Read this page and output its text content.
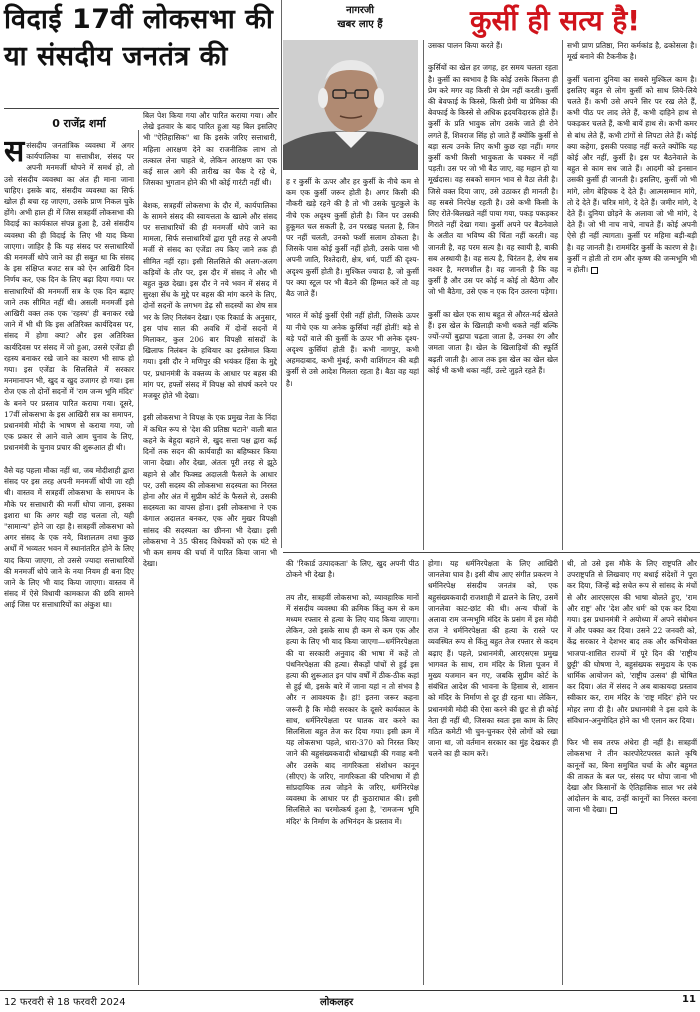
विदाई 17वीं लोकसभा की
या संसदीय जनतंत्र की
नागरजी
खबर लाए हैं	कुर्सी ही सत्य है!
0 राजेंद्र शर्मा
ससंसदीय जनतांत्रिक व्यवस्था में अगर कार्यपालिका या सत्ताधीश, संसद पर अपनी मनमर्जी थोपने में समर्थ हो, तो उसे संसदीय व्यवस्था का अंत ही माना जाना चाहिए। इसके बाद, संसदीय व्यवस्था का सिर्फ खोल ही बचा रह जाएगा, उसके प्राण निकल चुके होंगे। अभी हाल ही में जिस सत्रहवीं लोकसभा की विदाई का कार्यकाल संपन्न हुआ है, उसे संसदीय व्यवस्था की ही विदाई के लिए भी याद किया जाएगा। जाहिर है कि यह संसद पर सत्ताधारियों की मनमर्जी थोपे जाने का ही सबूत था कि संसद के इस संक्षिप्त बजट सत्र को ऐन आखिरी दिन निर्णय कर, एक दिन के लिए बढ़ा दिया गया। पर सत्ताधारियों की मनमर्जी सत्र के एक दिन बढ़ाए जाने तक सीमित नहीं थी। असली मनमर्जी इसे आखिरी वक्त तक एक 'रहस्य' ही बनाकर रखे जाने में भी थी कि इस अतिरिक्त कार्यदिवस पर, संसद में होगा क्या? और इस अतिरिक्त कार्यदिवस पर संसद में जो हुआ, उससे एजेंडा ही रहस्य बनाकर रखे जाने का कारण भी साफ हो गया। इस एजेंडा के सिलसिले में सरकार मनमानापन भी, खुद व खुद उजागर हो गया। इस रोज एक तो दोनों सदनों में 'राम जन्म भूमि मंदिर' के बनने पर प्रस्ताव पारित कराया गया। दूसरे, 17वीं लोकसभा के इस आखिरी सत्र का समापन, प्रधानमंत्री मोदी के भाषण से कराया गया, जो एक प्रकार से आने वाले आम चुनाव के लिए, प्रधानमंत्री के चुनाव प्रचार की शुरूआत ही थी।

वैसे यह पहला मौका नहीं था, जब मोदीशाही द्वारा संसद पर इस तरह अपनी मनमर्जी थोपी जा रही थी। वास्तव में सत्रहवीं लोकसभा के समापन के मौके पर सत्ताधारी की मर्जी थोपा जाना, इसका इशारा था कि अगर यही राह चलता तो, यही "सामान्य" होने जा रहा है। सत्रहवीं लोकसभा को अगर संसद के एक नये, विशालतम तथा कुछ अर्थों में भव्यतर भवन में स्थानांतरित होने के लिए याद किया जाएगा, तो उससे ज्यादा सत्ताधारियों की मनमर्जी थोपे जाने के नया नियम ही बना दिए जाने के लिए भी याद किया जाएगा। वास्तव में संसद में ऐसे विधायी कामकाज की छवि सामने आई जिस पर सत्ताधारियों का अंकुश था।
बिल पेश किया गया और पारित कराया गया। और लेखे इतवार के बाद पारित हुआ यह बिल इसलिए भी "ऐतिहासिक" था कि इसके जरिए सत्ताधारी, महिला आरक्षण देने का राजनीतिक लाभ तो तत्काल लेना चाहते थे, लेकिन आरक्षण का एक कई साल आगे की तारीख का चैक दे रहे थे, जिसका भुगतान होने की भी कोई गारंटी नहीं थी।

बेशक, सत्रहवीं लोकसभा के दौर में, कार्यपालिका के सामने संसद की स्वायत्तता के खात्मे और संसद पर सत्ताधारियों की ही मनमर्जी थोपे जाने का मामला, सिर्फ सत्ताधारियों द्वारा पूरी तरह से अपनी मर्जी से संसद का एजेंडा तय किए जाने तक ही सीमित नहीं रहा। इसी सिलसिले की अलग-अलग कड़ियों के तौर पर, इस दौर में संसद ने और भी बहुत कुछ देखा। इस दौर ने नये भवन में संसद में सुरक्षा सेंध के मुद्दे पर बहस की मांग करने के लिए, दोनों सदनों के लगभग डेढ़ सौ सदस्यों का शेष सत्र भर के लिए निलंबन देखा। एक रिकार्ड के अनुसार, इस पांच साल की अवधि में दोनों सदनों में मिलाकर, कुल 206 बार विपक्षी सांसदों के खिलाफ निलंबन के हथियार का इस्तेमाल किया गया। इसी दौर ने मणिपुर की भयंकर हिंसा के मुद्दे पर, प्रधानमंत्री के वक्तव्य के आधार पर बहस की मांग पर, हफ्तों संसद में विपक्ष को संघर्ष करने पर मजबूर होते भी देखा।

इसी लोकसभा ने विपक्ष के एक प्रमुख नेता के निंदा में कथित रूप से 'देश की प्रतिष्ठा घटाने' वाली बात कहने के बेहूदा बहाने से, खुद सत्ता पक्ष द्वारा कई दिनों तक सदन की कार्यवाही का बहिष्कार किया जाना देखा। और देखा, अंततः पूरी तरह से झूठे बहाने से और फिक्स्ड अदालती फैसले के आधार पर, उसी सदस्य की लोकसभा सदस्यता का निरस्त होना और अंत में सुप्रीम कोर्ट के फैसले से, उसकी सदस्यता का वापस होना। इसी लोकसभा ने एक कंगाल अदालत बनकर, एक और मुखर विपक्षी सांसद की सदस्यता का छीनना भी देखा। इसी लोकसभा ने 35 फीसद विधेयकों को एक घंटे से भी कम समय की चर्चा में पारित किया जाना भी देखा।
ह र कुर्सी के ऊपर और हर कुर्सी के नीचे कम से कम एक कुर्सी जरूर होती है। अगर किसी की नौकरी खड़े रहने की है तो भी उसके चुटकुले के नीचे एक अदृश्य कुर्सी होती है। जिन पर उसकी हुकूमत चल सकती है, उन परखह चलता है, जिन पर नहीं चलती, उनको फर्शी सलाम ठोकता है। जिसके पास कोई कुर्सी नहीं होती, उसके पास भी अपनी जाति, रिश्तेदारी, क्षेत्र, धर्म, पार्टी की दृश्य-अदृश्य कुर्सी होती है। मुश्किल ज्यादा है, जो कुर्सी पर क्या स्टूल पर भी बैठने की हिम्मत करें तो वह बैठ जाते हैं।

भारत में कोई कुर्सी ऐसी नहीं होती, जिसके ऊपर या नीचे एक या अनेक कुर्सियां नहीं होतीं! बड़े से बड़े पदों वाले की कुर्सी के ऊपर भी अनेक दृश्य-अदृश्य कुर्सियां होती हैं। कभी नागपुर, कभी अहमदाबाद, कभी मुंबई, कभी वाशिंगटन की बड़ी कुर्सी से उसे आदेश मिलता रहता है। बैठा वह यहां है।
उसका पालन किया करते हैं।

कुर्सियों का खेल हर जगह, हर समय चलता रहता है। कुर्सी का स्वभाव है कि कोई उसके कितना ही प्रेम करे मगर वह किसी से प्रेम नहीं करती। कुर्सी की बेवफाई के किस्से, किसी प्रेमी या प्रेमिका की बेवफाई के किस्से से अधिक ह्रदयविदारक होते हैं। कुर्सी के प्रति भावुक लोग उसके जाते ही रोने लगते हैं, शिवराज सिंह हो जाते हैं क्योंकि कुर्सी से बड़ा सत्य उनके लिए कभी कुछ रहा नहीं। मगर कुर्सी कभी किसी भावुकता के चक्कर में नहीं पड़ती। उस पर जो भी बैठ जाए, वह महान हो या मूर्खदास। वह सबको समान भाव से वैठा लेती है। जिसे वक्त दिया जाए, उसे उठाकर ही मानती है। वह सबसे निरपेक्ष रहती है। उसे कभी किसी के लिए रोते-बिलखते नहीं पाया गया, पकड़ पकड़कर गिराते नहीं देखा गया। कुर्सी अपने पर बैठनेवाले के अतीत या भविष्य की चिंता नहीं करती। वह जानती है, वह परम सत्य है। वह स्वायी है, बाकी सब अस्थायी है। वह सत्य है, चिरंतन है, शेष सब नश्वर है, मरणशील है। वह जानती है कि वह कुर्सी है और उस पर कोई न कोई तो बैठेगा और जो भी बैठेगा, उसे एक न एक दिन उतरना पड़ेगा।

कुर्सी का खेल एक साथ बहुत से औरत-मर्द खेलते हैं। इस खेल के खिलाड़ी कभी थकते नहीं बल्कि ज्यों-ज्यों बुढ़ापा चढ़ता जाता है, उनका रंग और जमता जाता है। खेल के खिलाड़ियों की स्फूर्ति बढ़ती जाती है। आज तक इस खेल का खेल खेल कोई भी कभी थका नहीं, उल्टे जुड़ते रहते हैं।
सभी प्राण प्रतिष्ठा, निरा कर्मकांड है, ढकोसला है। मूर्ख बनाने की टैकनीक है।

कुर्सी चलाना दुनिया का सबसे मुश्किल काम है। इसलिए बहुत से लोग कुर्सी को साथ लिये-लिये चलते हैं। कभी उसे अपने सिर पर रख लेते हैं, कभी पीठ पर लाद लेते हैं, कभी दाहिने हाथ से पकड़कर चलते हैं, कभी बायें हाथ से। कभी कमर से बांध लेते हैं, कभी टांगों से लिपटा लेते हैं। कोई क्या कहेगा, इसकी परवाह नहीं करते क्योंकि यह कोई और नहीं, कुर्सी है। इस पर बैठनेवाले के बहुत से काम सध जाते हैं। आदमी को इनसान उसकी कुर्सी ही जानती है। इसलिए, कुर्सी जो भी मांगे, लोग बेहिचक दे देते हैं। आत्मसम्मान मांगे, तो दे देते हैं। चरित्र मांगे, दे देते हैं। जमीर मांगे, दे देते हैं। दुनिया छोड़ने के अलावा जो भी मांगे, दे देते हैं। जो भी नाच नाचे, नाचते हैं। कोई अपनी ऐसे ही नहीं त्यागता। कुर्सी पर महिमा बड़ी-बड़ी है। वह जानती है। राममंदिर कुर्सी के कारण से है। कुर्सी न होती तो राम और कृष्ण की जन्मभूमि भी न होती।
की 'रिकार्ड उत्पादकता' के लिए, खुद अपनी पीठ ठोकने भी देखा है।

तय तौर, सत्रहवीं लोकसभा को, व्यावहारिक मानों में संसदीय व्यवस्था की क्रमिक किंतु कम से कम मध्यम रफ्तार से हत्या के लिए याद किया जाएगा। लेकिन, उसे इसके साथ ही कम से कम एक और हत्या के लिए भी याद किया जाएगा—धर्मनिरपेक्षता की या सरकारी अनुवाद की भाषा में कहें तो पंथनिरपेक्षता की हत्या। सैकड़ों पांचों से हुई इस हत्या की शुरूआत इन पांच वर्षों में ठीक-ठीक कहां से हुई थी, इसके बारे में जाना यहां न तो संभव है और न आवश्यक है। हां! इतना जरूर कहना जरूरी है कि मोदी सरकार के दूसरे कार्यकाल के साथ, धर्मनिरपेक्षता पर घातक वार करने का सिलसिला बहुत तेज कर दिया गया। इसी क्रम में यह लोकसभा पहले, धारा-370 को निरस्त किए जाने की बहुसंख्यकवादी धोखाधड़ी की गवाह बनी और उसके बाद नागरिकता संशोधन कानून (सीएए) के जरिए, नागरिकता की परिभाषा में ही सांप्रदायिक तत्व जोड़ने के जरिए, धर्मनिरपेक्ष व्यवस्था के आधार पर ही कुठाराघात की। इसी सिलसिले का चरमोत्कर्ष हुआ है, 'रामजन्म भूमि मंदिर' के निर्माण के अभिनंदन के प्रस्ताव में।
होगा। यह धर्मनिरपेक्षता के लिए आखिरी जानलेवा घाव है। इसी बीच आए संगीत प्रकरण ने धर्मनिरपेक्ष संसदीय जनतंत्र को, एक बहुसंख्यकवादी राजशाही में ढालने के लिए, उसमें जानलेवा काट-छांट की थी। अन्य चीजों के अलावा राम जन्मभूमि मंदिर के प्रसंग में इस मोदी राज ने धर्मनिरपेक्षता की हत्या के रास्ते पर व्यवस्थित रूप से किंतु बहुत तेज रफ्तार से कदम बढ़ाए हैं। पहले, प्रधानमंत्री, आरएसएस प्रमुख भागवत के साथ, राम मंदिर के शिला पूजन में मुख्य यजमान बन गए, जबकि सुप्रीम कोर्ट के संबंधित आदेश की भावना के हिसाब से, शासन को मंदिर के निर्माण से दूर ही रहना था। लेकिन, प्रधानमंत्री मोदी की ऐसा करने की छूट से ही कोई नेता ही नहीं थी, जिसका स्वतः इस काम के लिए गठित कमेटी भी चुन-चुनकर ऐसे लोगों को रखा जाना था, जो वर्तमान सरकार का मुंह देखकर ही चलने का ही काम करें।
थी, तो उसे इस मौके के लिए राष्ट्रपति और उपराष्ट्रपति से लिखवाए गए बधाई संदेशों ने पूरा कर दिया, जिन्हें बड़े सचेत रूप से सांसद के मंचों से और आरएसएस की भाषा बोलते हुए, 'राम और राष्ट्र' और 'देश और धर्म' को एक कर दिया गया। इस प्रधानमंत्री ने अयोध्या में अपने संबोधन में और पक्का कर दिया। उसने 22 जनवरी को, केंद्र सरकार ने देशभर बाद तक और कभियोक्त भाजपा-शासित राज्यों में पूरे दिन की 'राष्ट्रीय छुट्टी' की घोषणा ने, बहुसंख्यक समुदाय के एक धार्मिक आयोजन को, 'राष्ट्रीय उत्सव' ही घोषित कर दिया। अंत में संसद ने अब बाकायदा प्रस्ताव स्वीकार कर, राम मंदिर के 'राष्ट्र मंदिर' होने पर मोहर लगा दी है। और प्रधानमंत्री ने इस दावे के संविधान-अनुमोदित होने का भी एलान कर दिया।

फिर भी सब तरफ अंधेरा ही नहीं है। सत्रहवीं लोकसभा ने तीन कारपोरेटपरस्त काले कृषि कानूनों का, बिना समुचित चर्चा के और बहुमत की ताकत के बल पर, संसद पर थोपा जाना भी देखा और किसानों के ऐतिहासिक साल भर लंबे आंदोलन के बाद, उन्हीं कानूनों का निरस्त करना जाना भी देखा।
12 फरवरी से 18 फरवरी 2024	लोकलहर	11
